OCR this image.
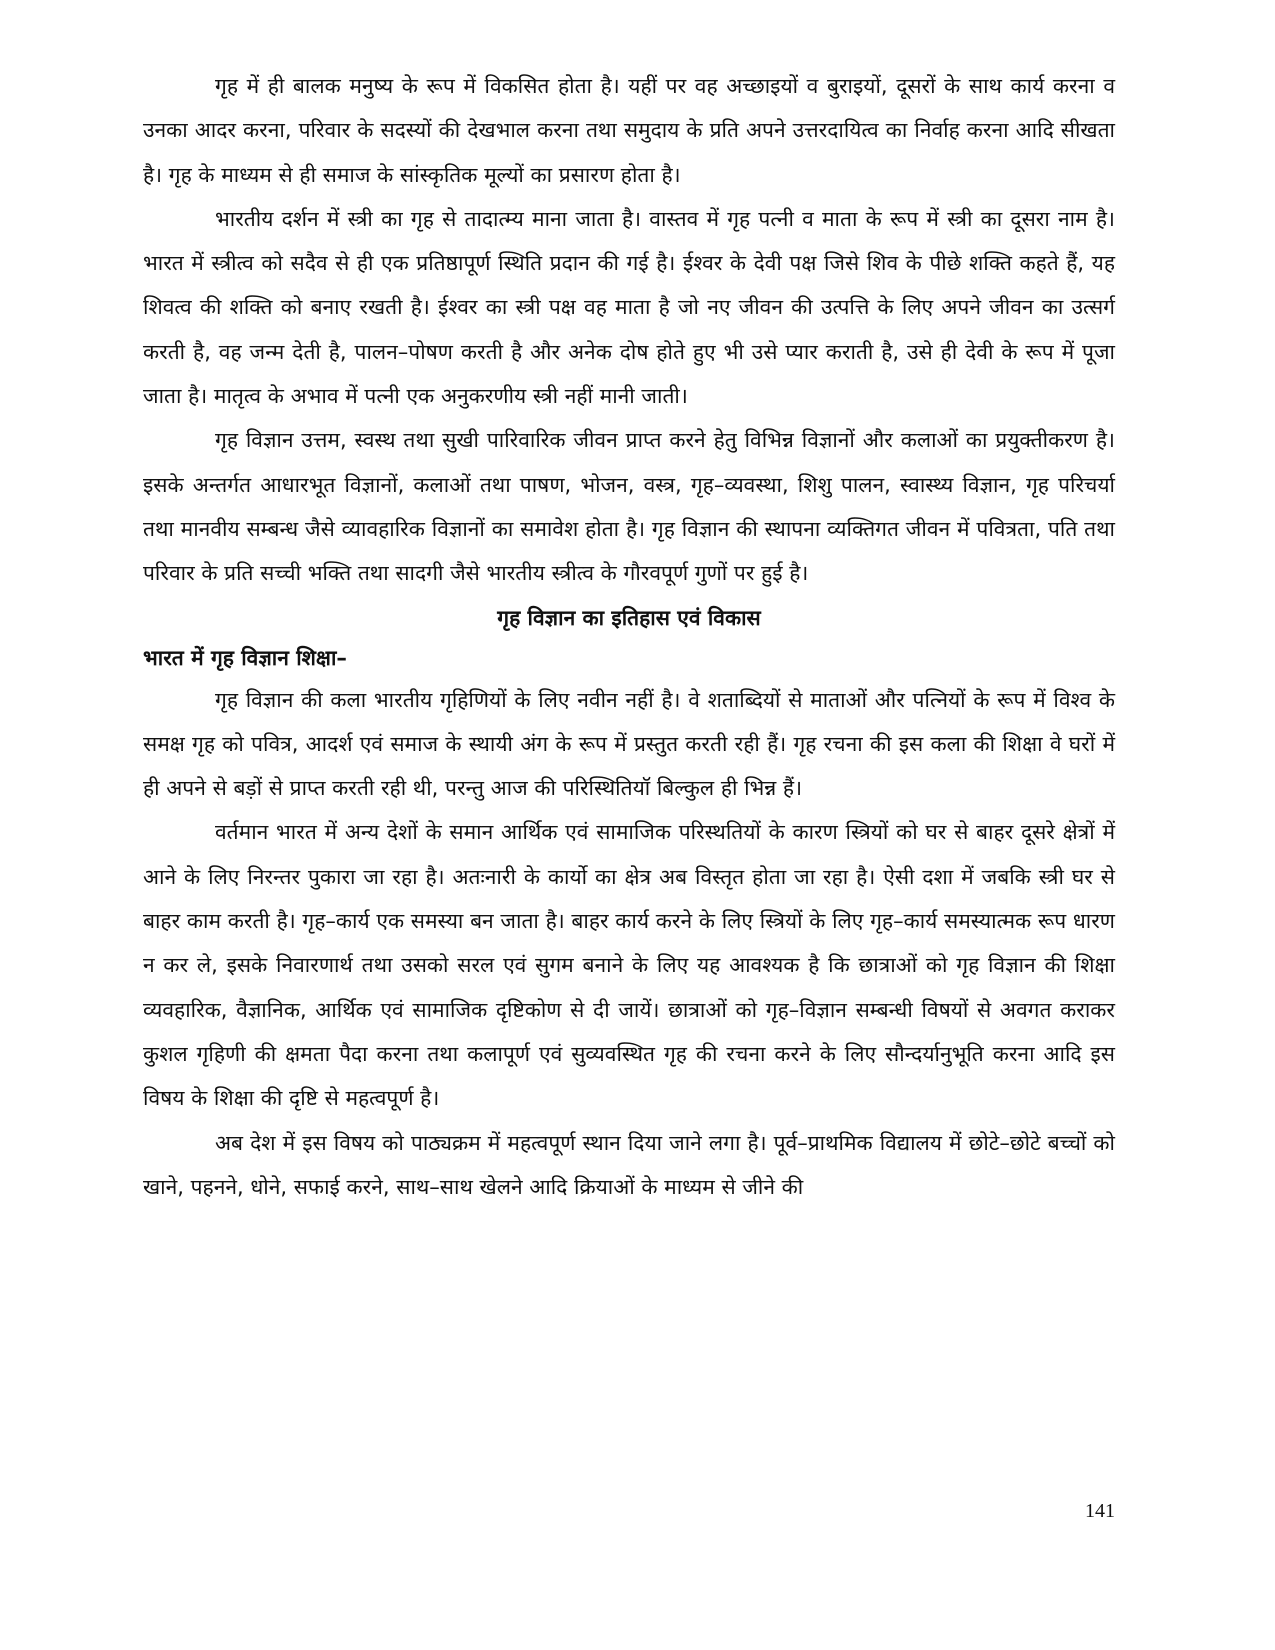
गृह में ही बालक मनुष्य के रूप में विकसित होता है। यहीं पर वह अच्छाइयों व बुराइयों, दूसरों के साथ कार्य करना व उनका आदर करना, परिवार के सदस्यों की देखभाल करना तथा समुदाय के प्रति अपने उत्तरदायित्व का निर्वाह करना आदि सीखता है। गृह के माध्यम से ही समाज के सांस्कृतिक मूल्यों का प्रसारण होता है।

भारतीय दर्शन में स्त्री का गृह से तादात्म्य माना जाता है। वास्तव में गृह पत्नी व माता के रूप में स्त्री का दूसरा नाम है। भारत में स्त्रीत्व को सदैव से ही एक प्रतिष्ठापूर्ण स्थिति प्रदान की गई है। ईश्वर के देवी पक्ष जिसे शिव के पीछे शक्ति कहते हैं, यह शिवत्व की शक्ति को बनाए रखती है। ईश्वर का स्त्री पक्ष वह माता है जो नए जीवन की उत्पत्ति के लिए अपने जीवन का उत्सर्ग करती है, वह जन्म देती है, पालन–पोषण करती है और अनेक दोष होते हुए भी उसे प्यार कराती है, उसे ही देवी के रूप में पूजा जाता है। मातृत्व के अभाव में पत्नी एक अनुकरणीय स्त्री नहीं मानी जाती।

गृह विज्ञान उत्तम, स्वस्थ तथा सुखी पारिवारिक जीवन प्राप्त करने हेतु विभिन्न विज्ञानों और कलाओं का प्रयुक्तीकरण है। इसके अन्तर्गत आधारभूत विज्ञानों, कलाओं तथा पाषण, भोजन, वस्त्र, गृह–व्यवस्था, शिशु पालन, स्वास्थ्य विज्ञान, गृह परिचर्या तथा मानवीय सम्बन्ध जैसे व्यावहारिक विज्ञानों का समावेश होता है। गृह विज्ञान की स्थापना व्यक्तिगत जीवन में पवित्रता, पति तथा परिवार के प्रति सच्ची भक्ति तथा सादगी जैसे भारतीय स्त्रीत्व के गौरवपूर्ण गुणों पर हुई है।

गृह विज्ञान का इतिहास एवं विकास
भारत में गृह विज्ञान शिक्षा–

गृह विज्ञान की कला भारतीय गृहिणियों के लिए नवीन नहीं है। वे शताब्दियों से माताओं और पत्नियों के रूप में विश्व के समक्ष गृह को पवित्र, आदर्श एवं समाज के स्थायी अंग के रूप में प्रस्तुत करती रही हैं। गृह रचना की इस कला की शिक्षा वे घरों में ही अपने से बड़ों से प्राप्त करती रही थी, परन्तु आज की परिस्थितियॉ बिल्कुल ही भिन्न हैं।

वर्तमान भारत में अन्य देशों के समान आर्थिक एवं सामाजिक परिस्थतियों के कारण स्त्रियों को घर से बाहर दूसरे क्षेत्रों में आने के लिए निरन्तर पुकारा जा रहा है। अतःनारी के कार्यो का क्षेत्र अब विस्तृत होता जा रहा है। ऐसी दशा में जबकि स्त्री घर से बाहर काम करती है। गृह–कार्य एक समस्या बन जाता है। बाहर कार्य करने के लिए स्त्रियों के लिए गृह–कार्य समस्यात्मक रूप धारण न कर ले, इसके निवारणार्थ तथा उसको सरल एवं सुगम बनाने के लिए यह आवश्यक है कि छात्राओं को गृह विज्ञान की शिक्षा व्यवहारिक, वैज्ञानिक, आर्थिक एवं सामाजिक दृष्टिकोण से दी जायें। छात्राओं को गृह–विज्ञान सम्बन्धी विषयों से अवगत कराकर कुशल गृहिणी की क्षमता पैदा करना तथा कलापूर्ण एवं सुव्यवस्थित गृह की रचना करने के लिए सौन्दर्यानुभूति करना आदि इस विषय के शिक्षा की दृष्टि से महत्वपूर्ण है।

अब देश में इस विषय को पाठ्यक्रम में महत्वपूर्ण स्थान दिया जाने लगा है। पूर्व–प्राथमिक विद्यालय में छोटे–छोटे बच्चों को खाने, पहनने, धोने, सफाई करने, साथ–साथ खेलने आदि क्रियाओं के माध्यम से जीने की

141
